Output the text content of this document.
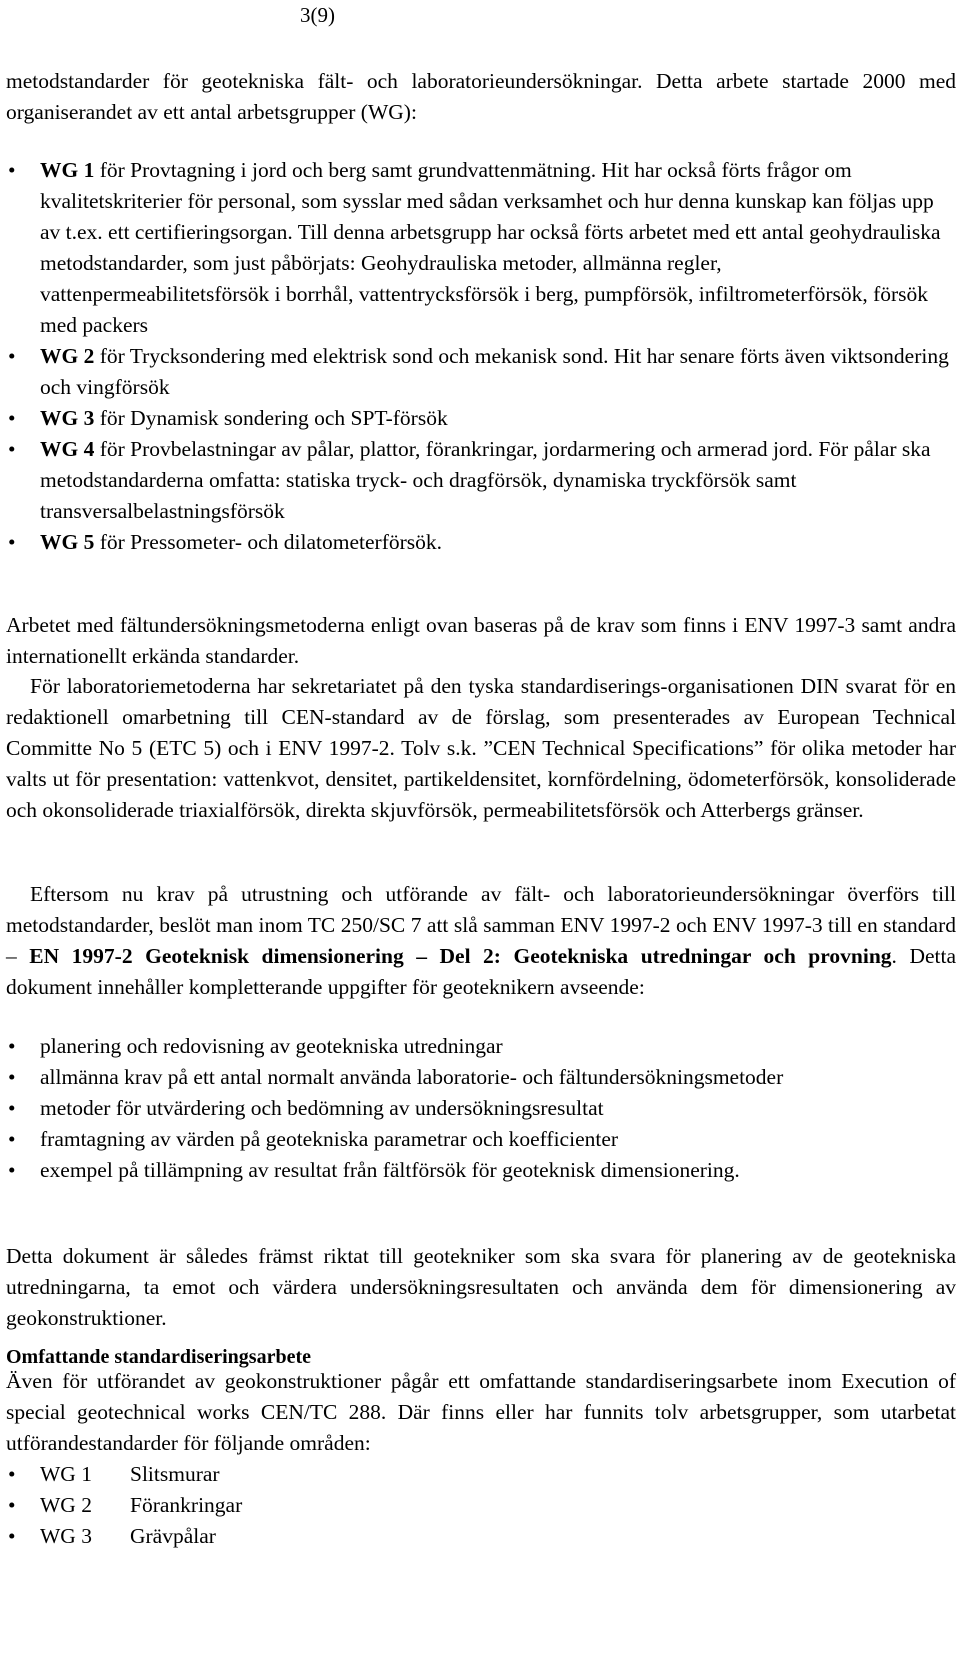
3(9)

metodstandarder för geotekniska fält- och laboratorieundersökningar. Detta arbete startade 2000 med organiserandet av ett antal arbetsgrupper (WG):

• WG 1 för Provtagning i jord och berg samt grundvattenmätning. Hit har också förts frågor om kvalitetskriterier för personal, som sysslar med sådan verksamhet och hur denna kunskap kan följas upp av t.ex. ett certifieringsorgan. Till denna arbetsgrupp har också förts arbetet med ett antal geohydrauliska metodstandarder, som just påbörjats: Geohydrauliska metoder, allmänna regler, vattenpermeabilitetsförsök i borrhål, vattentrycksförsök i berg, pumpförsök, infiltrometerförsök, försök med packers
• WG 2 för Trycksondering med elektrisk sond och mekanisk sond. Hit har senare förts även viktsondering och vingförsök
• WG 3 för Dynamisk sondering och SPT-försök
• WG 4 för Provbelastningar av pålar, plattor, förankringar, jordarmering och armerad jord. För pålar ska metodstandarderna omfatta: statiska tryck- och dragförsök, dynamiska tryckförsök samt transversalbelastningsförsök
• WG 5 för Pressometer- och dilatometerförsök.

Arbetet med fältundersökningsmetoderna enligt ovan baseras på de krav som finns i ENV 1997-3 samt andra internationellt erkända standarder.

För laboratoriemetoderna har sekretariatet på den tyska standardiserings-organisationen DIN svarat för en redaktionell omarbetning till CEN-standard av de förslag, som presenterades av European Technical Committe No 5 (ETC 5) och i ENV 1997-2. Tolv s.k. ”CEN Technical Specifications” för olika metoder har valts ut för presentation: vattenkvot, densitet, partikeldensitet, kornfördelning, ödometerförsök, konsoliderade och okonsoliderade triaxialförsök, direkta skjuvförsök, permeabilitetsförsök och Atterbergs gränser.

Eftersom nu krav på utrustning och utförande av fält- och laboratorieundersökningar överförs till metodstandarder, beslöt man inom TC 250/SC 7 att slå samman ENV 1997-2 och ENV 1997-3 till en standard – EN 1997-2 Geoteknisk dimensionering – Del 2: Geotekniska utredningar och provning. Detta dokument innehåller kompletterande uppgifter för geoteknikern avseende:

• planering och redovisning av geotekniska utredningar
• allmänna krav på ett antal normalt använda laboratorie- och fältundersökningsmetoder
• metoder för utvärdering och bedömning av undersökningsresultat
• framtagning av värden på geotekniska parametrar och koefficienter
• exempel på tillämpning av resultat från fältförsök för geoteknisk dimensionering.

Detta dokument är således främst riktat till geotekniker som ska svara för planering av de geotekniska utredningarna, ta emot och värdera undersökningsresultaten och använda dem för dimensionering av geokonstruktioner.

Omfattande standardiseringsarbete

Även för utförandet av geokonstruktioner pågår ett omfattande standardiseringsarbete inom Execution of special geotechnical works CEN/TC 288. Där finns eller har funnits tolv arbetsgrupper, som utarbetat utförandestandarder för följande områden:

• WG 1 Slitsmurar
• WG 2 Förankringar
• WG 3 Grävpålar
